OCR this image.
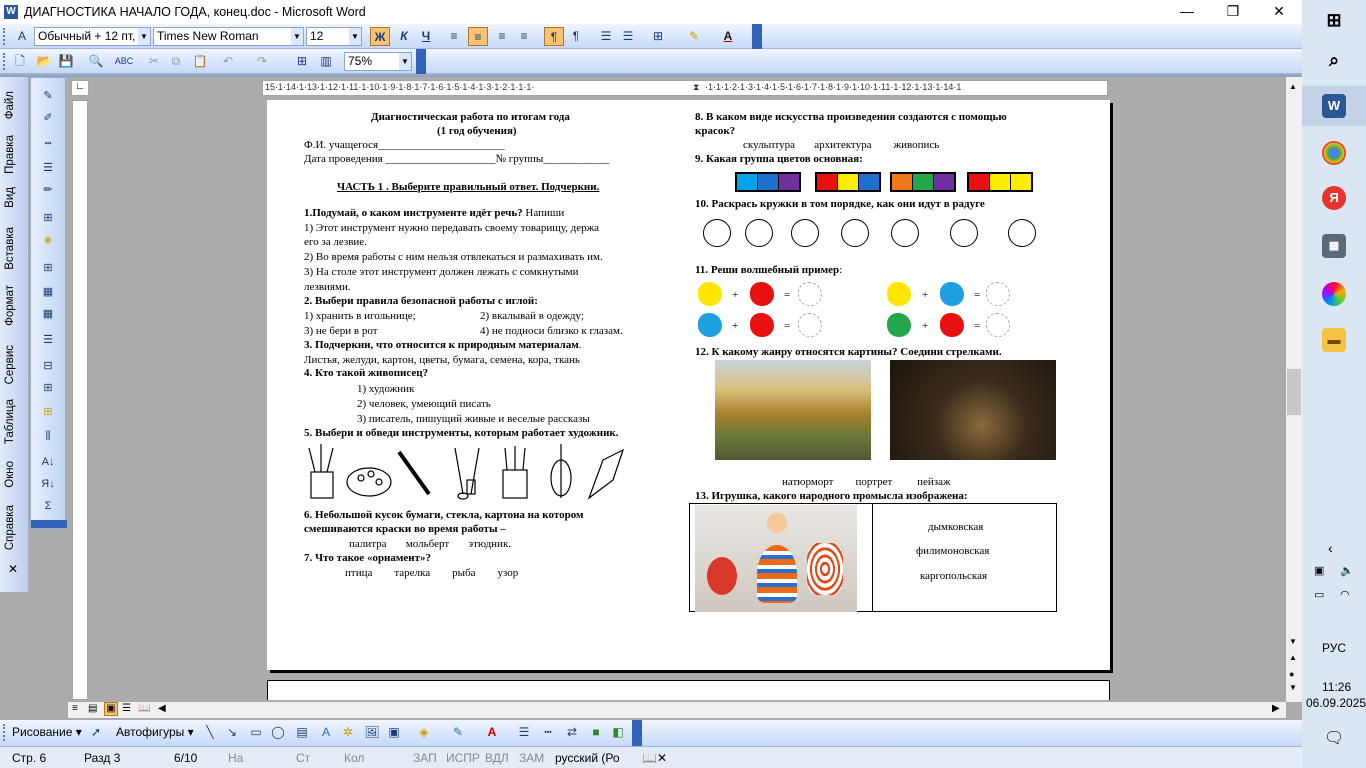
W ДИАГНОСТИКА НАЧАЛО ГОДА, конец.doc - Microsoft Word	—	❐	✕
A	Обычный + 12 пт, ▼ Times New Roman	▼ 12	▼	Ж	К	Ч	≡	≡	≡	≡	¶	¶	☰ ☰	⊞	✎	A
🗋 📂 💾 🔍 ABC	✂	⧉	📋	↶	↷	⊞	▥	75%	▼
Файл
Правка
Вид
Вставка
Формат
Сервис
Таблица
Окно
Справка
✕
✎
✐
┅
☰
✏
⊞
◈
⊞
▦
▦
☰
⊟
⊞
⊞
⫼
A↓
Я↓
Σ
∟	15·1·14·1·13·1·12·1·11·1·10·1·9·1·8·1·7·1·6·1·5·1·4·1·3·1·2·1·1·1·	⧗ ·1·1·1·2·1·3·1·4·1·5·1·6·1·7·1·8·1·9·1·10·1·11·1·12·1·13·1·14·1
Диагностическая работа по итогам года
(1 год обучения)
Ф.И. учащегося_______________________
Дата проведения ____________________№ группы____________
ЧАСТЬ 1 . Выберите правильный ответ. Подчеркни.
1.Подумай, о каком инструменте идёт речь? Напиши
1) Этот инструмент нужно передавать своему товарищу, держа
его за лезвие.
2) Во время работы с ним нельзя отвлекаться и размахивать им.
3) На столе этот инструмент должен лежать с сомкнутыми
лезвиями.
2. Выбери правила безопасной работы с иглой:
1) хранить в игольнице;	2) вкалывай в одежду;
3) не бери в рот	4) не подноси близко к глазам.
3. Подчеркни, что относится к природным материалам.
Листья, желуди, картон, цветы, бумага, семена, кора, ткань
4. Кто такой живописец?
1) художник
2) человек, умеющий писать
3) писатель, пишущий живые и веселые рассказы
5. Выбери и обведи инструменты, которым работает художник.
6. Небольшой кусок бумаги, стекла, картона на котором
смешиваются краски во время работы –
палитра       мольберт       этюдник.
7. Что такое «орнамент»?
птица        тарелка        рыба        узор
8. В каком виде искусства произведения создаются с помощью
красок?
скульптура       архитектура        живопись
9. Какая группа цветов основная:
10. Раскрась кружки в том порядке, как они идут в радуге
11. Реши волшебный пример:
+	=	+	=
+	=	+	=
12. К какому жанру относятся картины? Соедини стрелками.
натюрморт        портрет         пейзаж
13. Игрушка, какого народного промысла изображена:
дымковская
филимоновская
каргопольская
▲
▼
▲
●
▼
≡ ▤ ▣ ☰ 📖 ◀	▶
Рисование ▾ ➚	Автофигуры ▾	╲	↘	▭ ◯ ▤	A	✲ 🖼 ▣	◈	✎	A	☰	┅	⇄	■	◧
Стр. 6	Разд 3	6/10	На	Ст	Кол	ЗАП ИСПР ВДЛ ЗАМ русский (Ро 📖✕
⊞
⌕
W
Я
▦
▬
‹
▣ 🔈
▭ ◠
РУС
11:26
06.09.2025
🗨
